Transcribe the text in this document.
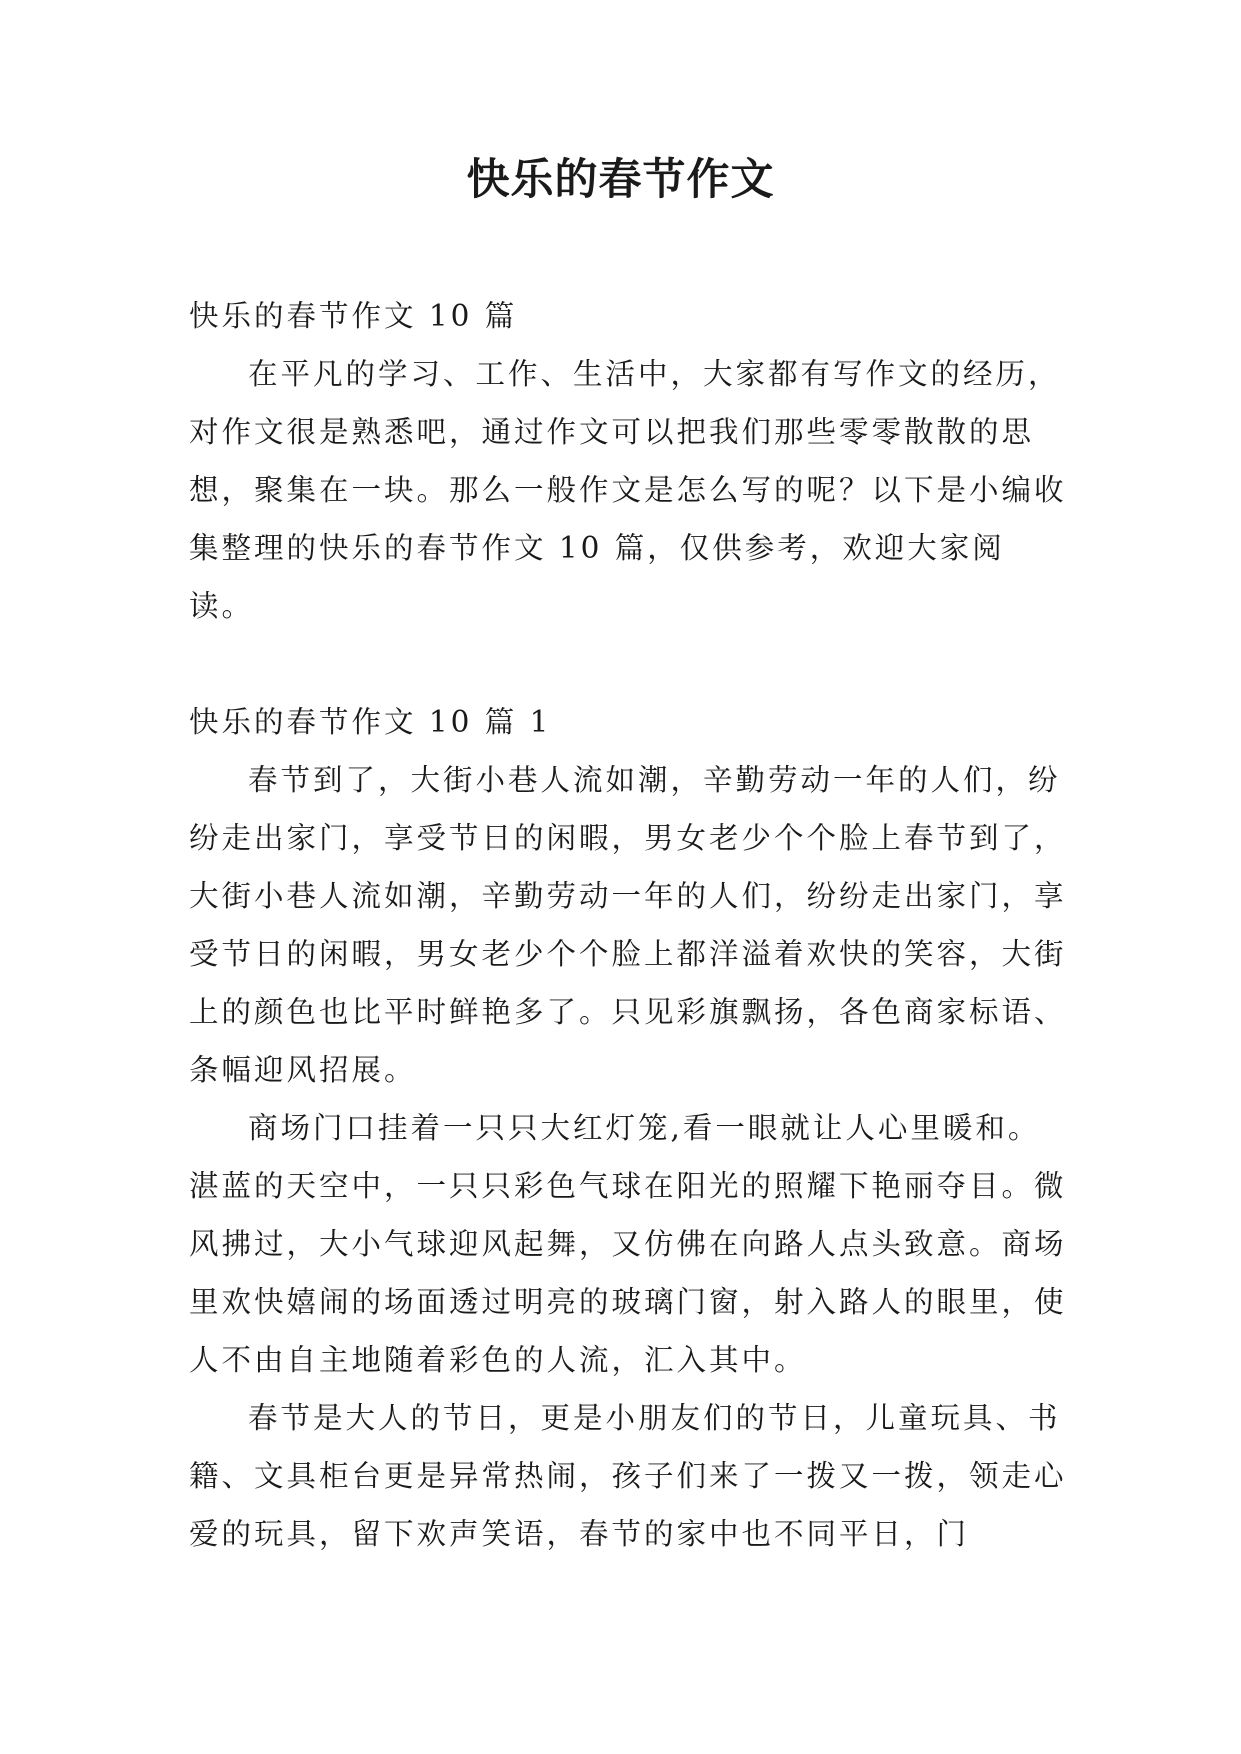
快乐的春节作文

快乐的春节作文 10 篇

在平凡的学习、工作、生活中，大家都有写作文的经历，对作文很是熟悉吧，通过作文可以把我们那些零零散散的思想，聚集在一块。那么一般作文是怎么写的呢？以下是小编收集整理的快乐的春节作文 10 篇，仅供参考，欢迎大家阅读。

快乐的春节作文 10 篇 1

春节到了，大街小巷人流如潮，辛勤劳动一年的人们，纷纷走出家门，享受节日的闲暇，男女老少个个脸上春节到了，大街小巷人流如潮，辛勤劳动一年的人们，纷纷走出家门，享受节日的闲暇，男女老少个个脸上都洋溢着欢快的笑容，大街上的颜色也比平时鲜艳多了。只见彩旗飘扬，各色商家标语、条幅迎风招展。

商场门口挂着一只只大红灯笼,看一眼就让人心里暖和。湛蓝的天空中，一只只彩色气球在阳光的照耀下艳丽夺目。微风拂过，大小气球迎风起舞，又仿佛在向路人点头致意。商场里欢快嬉闹的场面透过明亮的玻璃门窗，射入路人的眼里，使人不由自主地随着彩色的人流，汇入其中。

春节是大人的节日，更是小朋友们的节日，儿童玩具、书籍、文具柜台更是异常热闹，孩子们来了一拨又一拨，领走心爱的玩具，留下欢声笑语，春节的家中也不同平日，门
